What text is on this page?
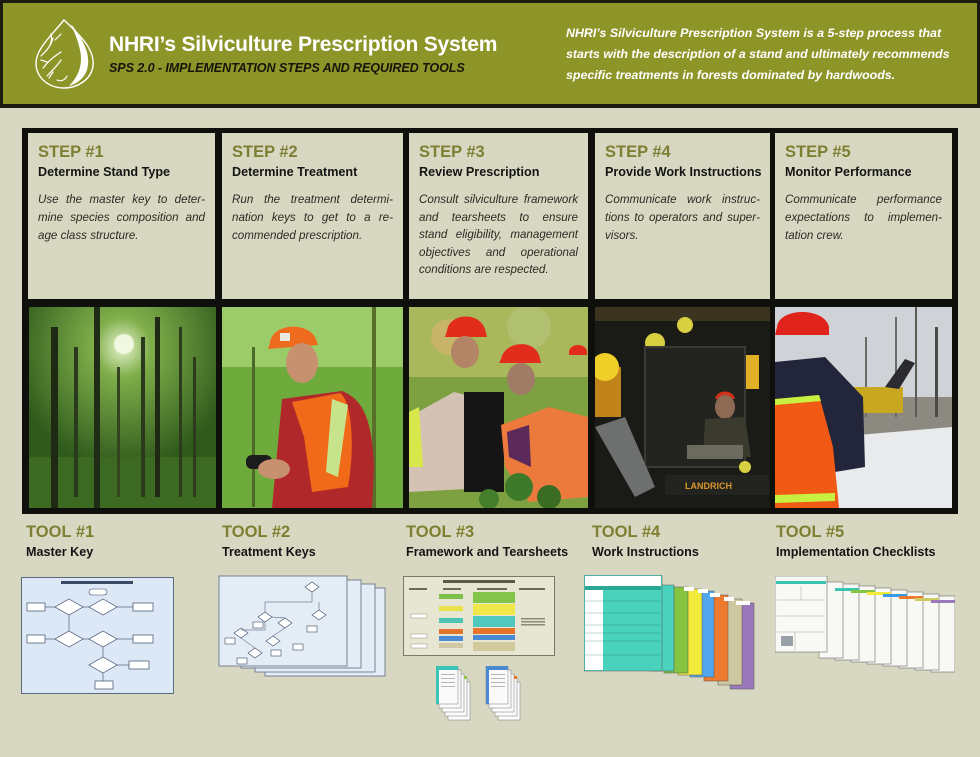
NHRI’s Silviculture Prescription System
SPS 2.0 - IMPLEMENTATION STEPS AND REQUIRED TOOLS
NHRI’s Silviculture Prescription System is a 5-step process that starts with the description of a stand and ultimately recommends specific treatments in forests dominated by hardwoods.
STEP #1
Determine Stand Type
Use the master key to determine species composition and age class structure.
STEP #2
Determine Treatment
Run the treatment determination keys to get to a recommended prescription.
STEP #3
Review Prescription
Consult silviculture framework and tearsheets to ensure stand eligibility, management objectives and operational conditions are respected.
STEP #4
Provide Work Instructions
Communicate work instructions to operators and supervisors.
STEP #5
Monitor Performance
Communicate performance expectations to implementation crew.
LANDRICH
TOOL #1
Master Key
TOOL #2
Treatment Keys
TOOL #3
Framework and Tearsheets
TOOL #4
Work Instructions
TOOL #5
Implementation Checklists
